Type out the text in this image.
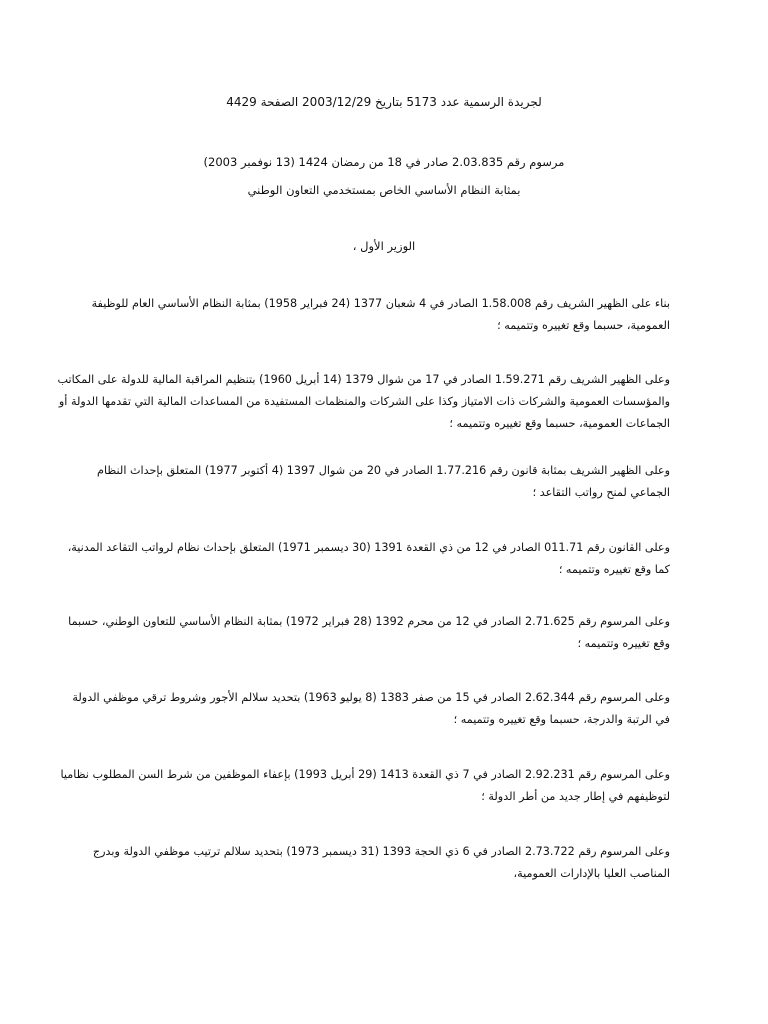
لجريدة الرسمية عدد 5173 بتاريخ 2003/12/29 الصفحة 4429
مرسوم رقم 2.03.835 صادر في 18 من رمضان 1424 (13 نوفمبر 2003)
بمثابة النظام الأساسي الخاص بمستخدمي التعاون الوطني
الوزير الأول ،
بناء على الظهير الشريف رقم 1.58.008 الصادر في 4 شعبان 1377 (24 فبراير 1958) بمثابة النظام الأساسي العام للوظيفة
العمومية، حسبما وقع تغييره وتتميمه ؛
وعلى الظهير الشريف رقم 1.59.271 الصادر في 17 من شوال 1379 (14 أبريل 1960) بتنظيم المراقبة المالية للدولة على المكاتب
والمؤسسات العمومية والشركات ذات الامتياز وكذا على الشركات والمنظمات المستفيدة من المساعدات المالية التي تقدمها الدولة أو
الجماعات العمومية، حسبما وقع تغييره وتتميمه ؛
وعلى الظهير الشريف بمثابة قانون رقم 1.77.216 الصادر في 20 من شوال 1397 (4 أكتوبر 1977) المتعلق بإحداث النظام
الجماعي لمنح رواتب التقاعد ؛
وعلى القانون رقم 011.71 الصادر في 12 من ذي القعدة 1391 (30 ديسمبر 1971) المتعلق بإحداث نظام لرواتب التقاعد المدنية،
كما وقع تغييره وتتميمه ؛
وعلى المرسوم رقم 2.71.625 الصادر في 12 من محرم 1392 (28 فبراير 1972) بمثابة النظام الأساسي للتعاون الوطني، حسبما
وقع تغييره وتتميمه ؛
وعلى المرسوم رقم 2.62.344 الصادر في 15 من صفر 1383 (8 يوليو 1963) بتحديد سلالم الأجور وشروط ترقي موظفي الدولة
في الرتبة والدرجة، حسبما وقع تغييره وتتميمه ؛
وعلى المرسوم رقم 2.92.231 الصادر في 7 ذي القعدة 1413 (29 أبريل 1993) بإعفاء الموظفين من شرط السن المطلوب نظاميا
لتوظيفهم في إطار جديد من أطر الدولة ؛
وعلى المرسوم رقم 2.73.722 الصادر في 6 ذي الحجة 1393 (31 ديسمبر 1973) بتحديد سلالم ترتيب موظفي الدولة وبدرج
المناصب العليا بالإدارات العمومية،
